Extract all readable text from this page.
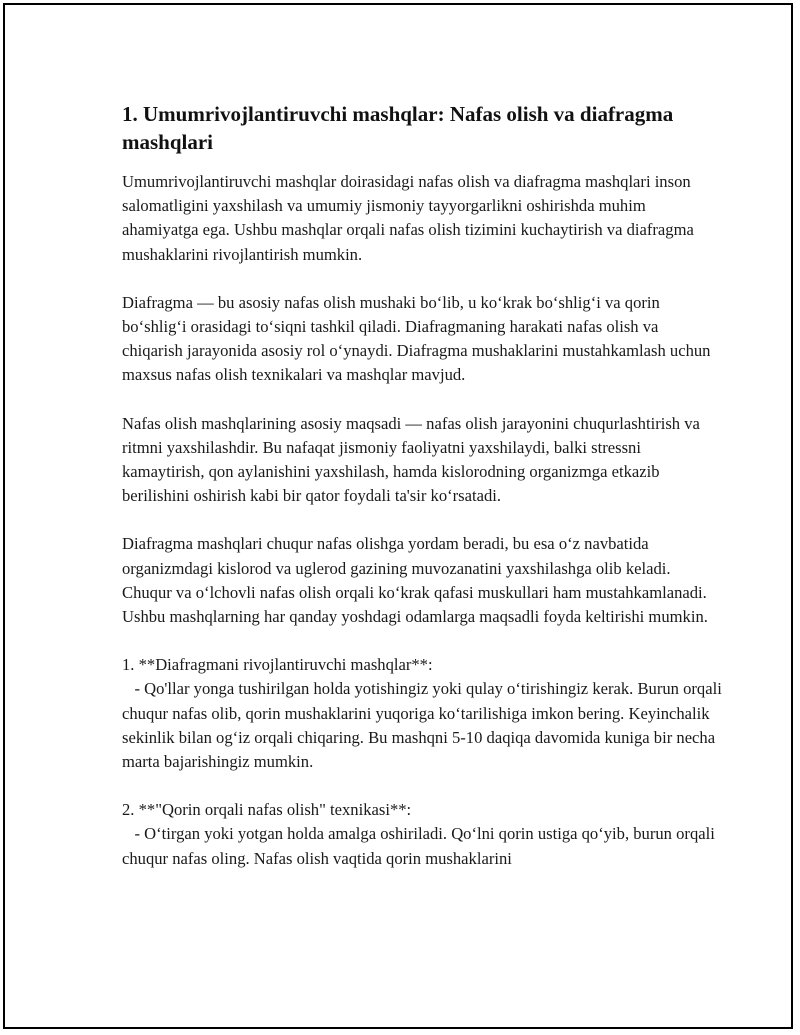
1. Umumrivojlantiruvchi mashqlar: Nafas olish va diafragma mashqlari

Umumrivojlantiruvchi mashqlar doirasidagi nafas olish va diafragma mashqlari inson salomatligini yaxshilash va umumiy jismoniy tayyorgarlikni oshirishda muhim ahamiyatga ega. Ushbu mashqlar orqali nafas olish tizimini kuchaytirish va diafragma mushaklarini rivojlantirish mumkin.

Diafragma — bu asosiy nafas olish mushaki bo‘lib, u ko‘krak bo‘shlig‘i va qorin bo‘shlig‘i orasidagi to‘siqni tashkil qiladi. Diafragmaning harakati nafas olish va chiqarish jarayonida asosiy rol o‘ynaydi. Diafragma mushaklarini mustahkamlash uchun maxsus nafas olish texnikalari va mashqlar mavjud.

Nafas olish mashqlarining asosiy maqsadi — nafas olish jarayonini chuqurlashtirish va ritmni yaxshilashdir. Bu nafaqat jismoniy faoliyatni yaxshilaydi, balki stressni kamaytirish, qon aylanishini yaxshilash, hamda kislorodning organizmga etkazib berilishini oshirish kabi bir qator foydali ta'sir ko‘rsatadi.

Diafragma mashqlari chuqur nafas olishga yordam beradi, bu esa o‘z navbatida organizmdagi kislorod va uglerod gazining muvozanatini yaxshilashga olib keladi. Chuqur va o‘lchovli nafas olish orqali ko‘krak qafasi muskullari ham mustahkamlanadi. Ushbu mashqlarning har qanday yoshdagi odamlarga maqsadli foyda keltirishi mumkin.

1. **Diafragmani rivojlantiruvchi mashqlar**:
- Qo'llar yonga tushirilgan holda yotishingiz yoki qulay o‘tirishingiz kerak. Burun orqali chuqur nafas olib, qorin mushaklarini yuqoriga ko‘tarilishiga imkon bering. Keyinchalik sekinlik bilan og‘iz orqali chiqaring. Bu mashqni 5-10 daqiqa davomida kuniga bir necha marta bajarishingiz mumkin.
2. **"Qorin orqali nafas olish" texnikasi**:
- O‘tirgan yoki yotgan holda amalga oshiriladi. Qo‘lni qorin ustiga qo‘yib, burun orqali chuqur nafas oling. Nafas olish vaqtida qorin mushaklarini
